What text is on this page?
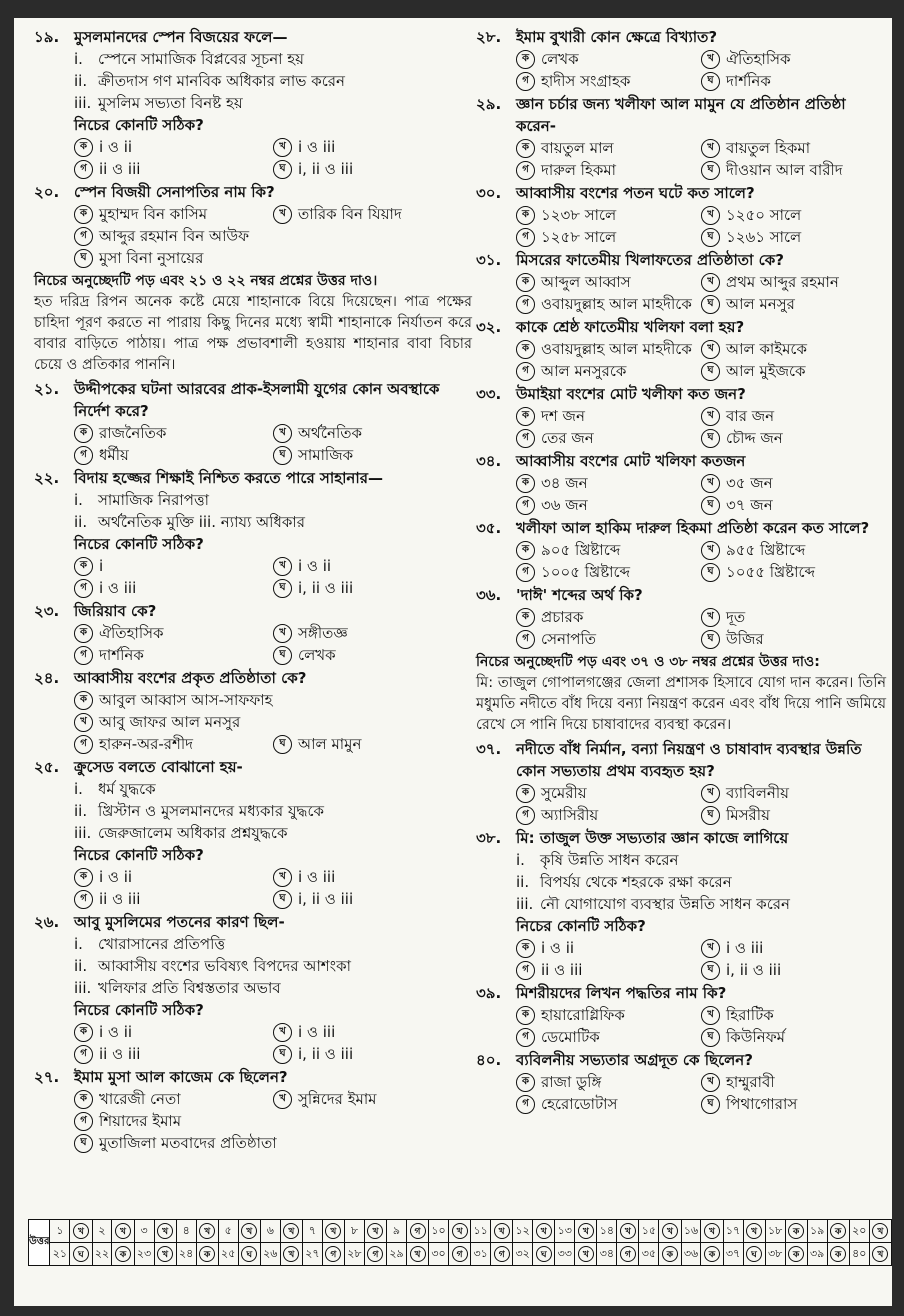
১৯. মুসলমানদের স্পেন বিজয়ের ফলে—
i.	স্পেনে সামাজিক বিপ্লবের সূচনা হয়
ii. ক্রীতদাস গণ মানবিক অধিকার লাভ করেন
iii. মুসলিম সভ্যতা বিনষ্ট হয়
নিচের কোনটি সঠিক?
ক i ও ii	খ i ও iii
গ ii ও iii	ঘ i, ii ও iii
২০. স্পেন বিজয়ী সেনাপতির নাম কি?
ক মুহাম্মদ বিন কাসিম	খ তারিক বিন যিয়াদ
গ আব্দুর রহমান বিন আউফ
ঘ মুসা বিনা নুসায়ের
নিচের অনুচ্ছেদটি পড় এবং ২১ ও ২২ নম্বর প্রশ্নের উত্তর দাও।
হত দরিদ্র রিপন অনেক কষ্টে মেয়ে শাহানাকে বিয়ে দিয়েছেন। পাত্র পক্ষের চাহিদা পূরণ করতে না পারায় কিছু দিনের মধ্যে স্বামী শাহানাকে নির্যাতন করে বাবার বাড়িতে পাঠায়। পাত্র পক্ষ প্রভাবশালী হওয়ায় শাহানার বাবা বিচার চেয়ে ও প্রতিকার পাননি।
২১. উদ্দীপকের ঘটনা আরবের প্রাক-ইসলামী যুগের কোন অবস্থাকে নির্দেশ করে?
ক রাজনৈতিক	খ অর্থনৈতিক
গ ধর্মীয়	ঘ সামাজিক
২২. বিদায় হজ্জের শিক্ষাই নিশ্চিত করতে পারে সাহানার—
i.	সামাজিক নিরাপত্তা
ii. অর্থনৈতিক মুক্তি iii. ন্যায্য অধিকার
নিচের কোনটি সঠিক?
ক i	খ i ও ii
গ i ও iii	ঘ i, ii ও iii
২৩. জিরিয়াব কে?
ক ঐতিহাসিক	খ সঙ্গীতজ্ঞ
গ দার্শনিক	ঘ লেখক
২৪. আব্বাসীয় বংশের প্রকৃত প্রতিষ্ঠাতা কে?
ক আবুল আব্বাস আস-সাফফাহ
খ আবু জাফর আল মনসুর
গ হারুন-অর-রশীদ	ঘ আল মামুন
২৫. ক্রুসেড বলতে বোঝানো হয়-
i.	ধর্ম যুদ্ধকে
ii. খ্রিস্টান ও মুসলমানদের মধ্যকার যুদ্ধকে
iii. জেরুজালেম অধিকার প্রশ্নযুদ্ধকে
নিচের কোনটি সঠিক?
ক i ও ii	খ i ও iii
গ ii ও iii	ঘ i, ii ও iii
২৬. আবু মুসলিমের পতনের কারণ ছিল-
i.	খোরাসানের প্রতিপত্তি
ii. আব্বাসীয় বংশের ভবিষ্যৎ বিপদের আশংকা
iii. খলিফার প্রতি বিশ্বস্ততার অভাব
নিচের কোনটি সঠিক?
ক i ও ii	খ i ও iii
গ ii ও iii	ঘ i, ii ও iii
২৭. ইমাম মুসা আল কাজেম কে ছিলেন?
ক খারেজী নেতা	খ সুন্নিদের ইমাম
গ শিয়াদের ইমাম
ঘ মুতাজিলা মতবাদের প্রতিষ্ঠাতা
২৮. ইমাম বুখারী কোন ক্ষেত্রে বিখ্যাত?
ক লেখক	খ ঐতিহাসিক
গ হাদীস সংগ্রাহক	ঘ দার্শনিক
২৯. জ্ঞান চর্চার জন্য খলীফা আল মামুন যে প্রতিষ্ঠান প্রতিষ্ঠা করেন-
ক বায়তুল মাল	খ বায়তুল হিকমা
গ দারুল হিকমা	ঘ দীওয়ান আল বারীদ
৩০. আব্বাসীয় বংশের পতন ঘটে কত সালে?
ক ১২৩৮ সালে	খ ১২৫০ সালে
গ ১২৫৮ সালে	ঘ ১২৬১ সালে
৩১. মিসরের ফাতেমীয় খিলাফতের প্রতিষ্ঠাতা কে?
ক আব্দুল আব্বাস	খ প্রথম আব্দুর রহমান
গ ওবায়দুল্লাহ আল মাহদীকে	ঘ আল মনসুর
৩২. কাকে শ্রেষ্ঠ ফাতেমীয় খলিফা বলা হয়?
ক ওবায়দুল্লাহ আল মাহদীকে	খ আল কাইমকে
গ আল মনসুরকে	ঘ আল মুইজকে
৩৩. উমাইয়া বংশের মোট খলীফা কত জন?
ক দশ জন	খ বার জন
গ তের জন	ঘ চৌদ্দ জন
৩৪. আব্বাসীয় বংশের মোট খলিফা কতজন
ক ৩৪ জন	খ ৩৫ জন
গ ৩৬ জন	ঘ ৩৭ জন
৩৫. খলীফা আল হাকিম দারুল হিকমা প্রতিষ্ঠা করেন কত সালে?
ক ৯০৫ খ্রিষ্টাব্দে	খ ৯৫৫ খ্রিষ্টাব্দে
গ ১০০৫ খ্রিষ্টাব্দে	ঘ ১০৫৫ খ্রিষ্টাব্দে
৩৬. 'দাঈ' শব্দের অর্থ কি?
ক প্রচারক	খ দূত
গ সেনাপতি	ঘ উজির
নিচের অনুচ্ছেদটি পড় এবং ৩৭ ও ৩৮ নম্বর প্রশ্নের উত্তর দাও:
মি: তাজুল গোপালগঞ্জের জেলা প্রশাসক হিসাবে যোগ দান করেন। তিনি মধুমতি নদীতে বাঁধ দিয়ে বন্যা নিয়ন্ত্রণ করেন এবং বাঁধ দিয়ে পানি জমিয়ে রেখে সে পানি দিয়ে চাষাবাদের ব্যবস্থা করেন।
৩৭. নদীতে বাঁধ নির্মান, বন্যা নিয়ন্ত্রণ ও চাষাবাদ ব্যবস্থার উন্নতি কোন সভ্যতায় প্রথম ব্যবহৃত হয়?
ক সুমেরীয়	খ ব্যাবিলনীয়
গ অ্যাসিরীয়	ঘ মিসরীয়
৩৮. মি: তাজুল উক্ত সভ্যতার জ্ঞান কাজে লাগিয়ে
i.	কৃষি উন্নতি সাধন করেন
ii. বিপর্যয় থেকে শহরকে রক্ষা করেন
iii. নৌ যোগাযোগ ব্যবস্থার উন্নতি সাধন করেন
নিচের কোনটি সঠিক?
ক i ও ii	খ i ও iii
গ ii ও iii	ঘ i, ii ও iii
৩৯. মিশরীয়দের লিখন পদ্ধতির নাম কি?
ক হায়ারোগ্লিফিক	খ হিরাটিক
গ ডেমোটিক	ঘ কিউনিফর্ম
৪০. ব্যবিলনীয় সভ্যতার অগ্রদূত কে ছিলেন?
ক রাজা ডুঙ্গি	খ হাম্মুরাবী
গ হেরোডোটাস	ঘ পিথাগোরাস
উত্তর	১	খ	২	খ	৩	খ	৪	খ	৫	খ	৬	খ	৭	খ	৮	খ	৯	গ	১০	খ	১১	খ	১২	খ	১৩	খ	১৪	খ	১৫	খ	১৬	খ	১৭	খ	১৮	ক	১৯	ক	২০	খ
	২১	ঘ	২২	ক	২৩	খ	২৪	ক	২৫	ঘ	২৬	খ	২৭	গ	২৮	গ	২৯	খ	৩০	গ	৩১	গ	৩২	ঘ	৩৩	খ	৩৪	গ	৩৫	ক	৩৬	ক	৩৭	ঘ	৩৮	ক	৩৯	ক	৪০	খ
